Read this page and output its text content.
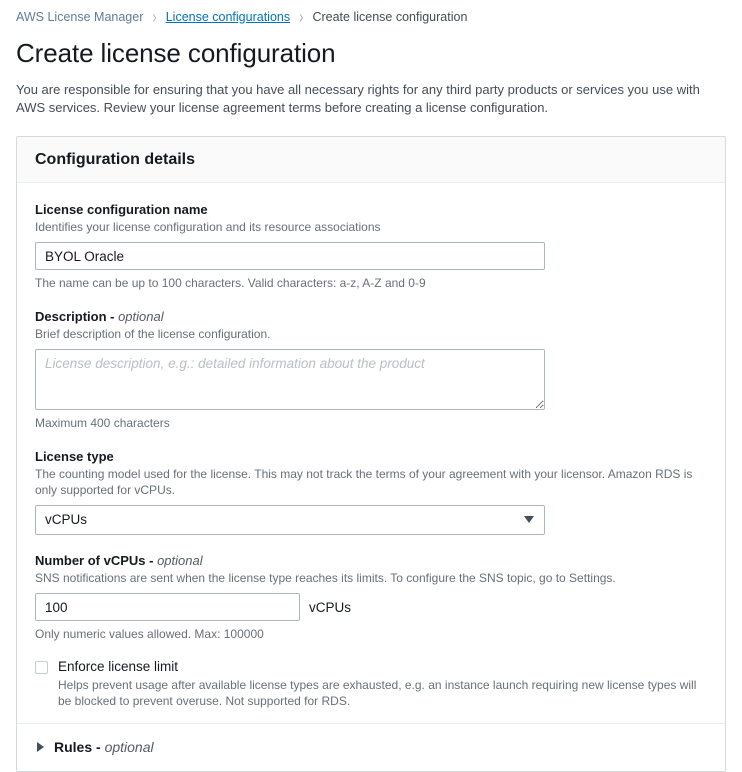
AWS License Manager › License configurations › Create license configuration
Create license configuration

You are responsible for ensuring that you have all necessary rights for any third party products or services you use with AWS services. Review your license agreement terms before creating a license configuration.

Configuration details
License configuration name
Identifies your license configuration and its resource associations
BYOL Oracle
The name can be up to 100 characters. Valid characters: a-z, A-Z and 0-9
Description - optional
Brief description of the license configuration.
License description, e.g.: detailed information about the product
Maximum 400 characters
License type
The counting model used for the license. This may not track the terms of your agreement with your licensor. Amazon RDS is only supported for vCPUs.
vCPUs
Number of vCPUs - optional
SNS notifications are sent when the license type reaches its limits. To configure the SNS topic, go to Settings.
100
vCPUs
Only numeric values allowed. Max: 100000
Enforce license limit
Helps prevent usage after available license types are exhausted, e.g. an instance launch requiring new license types will be blocked to prevent overuse. Not supported for RDS.
Rules - optional
